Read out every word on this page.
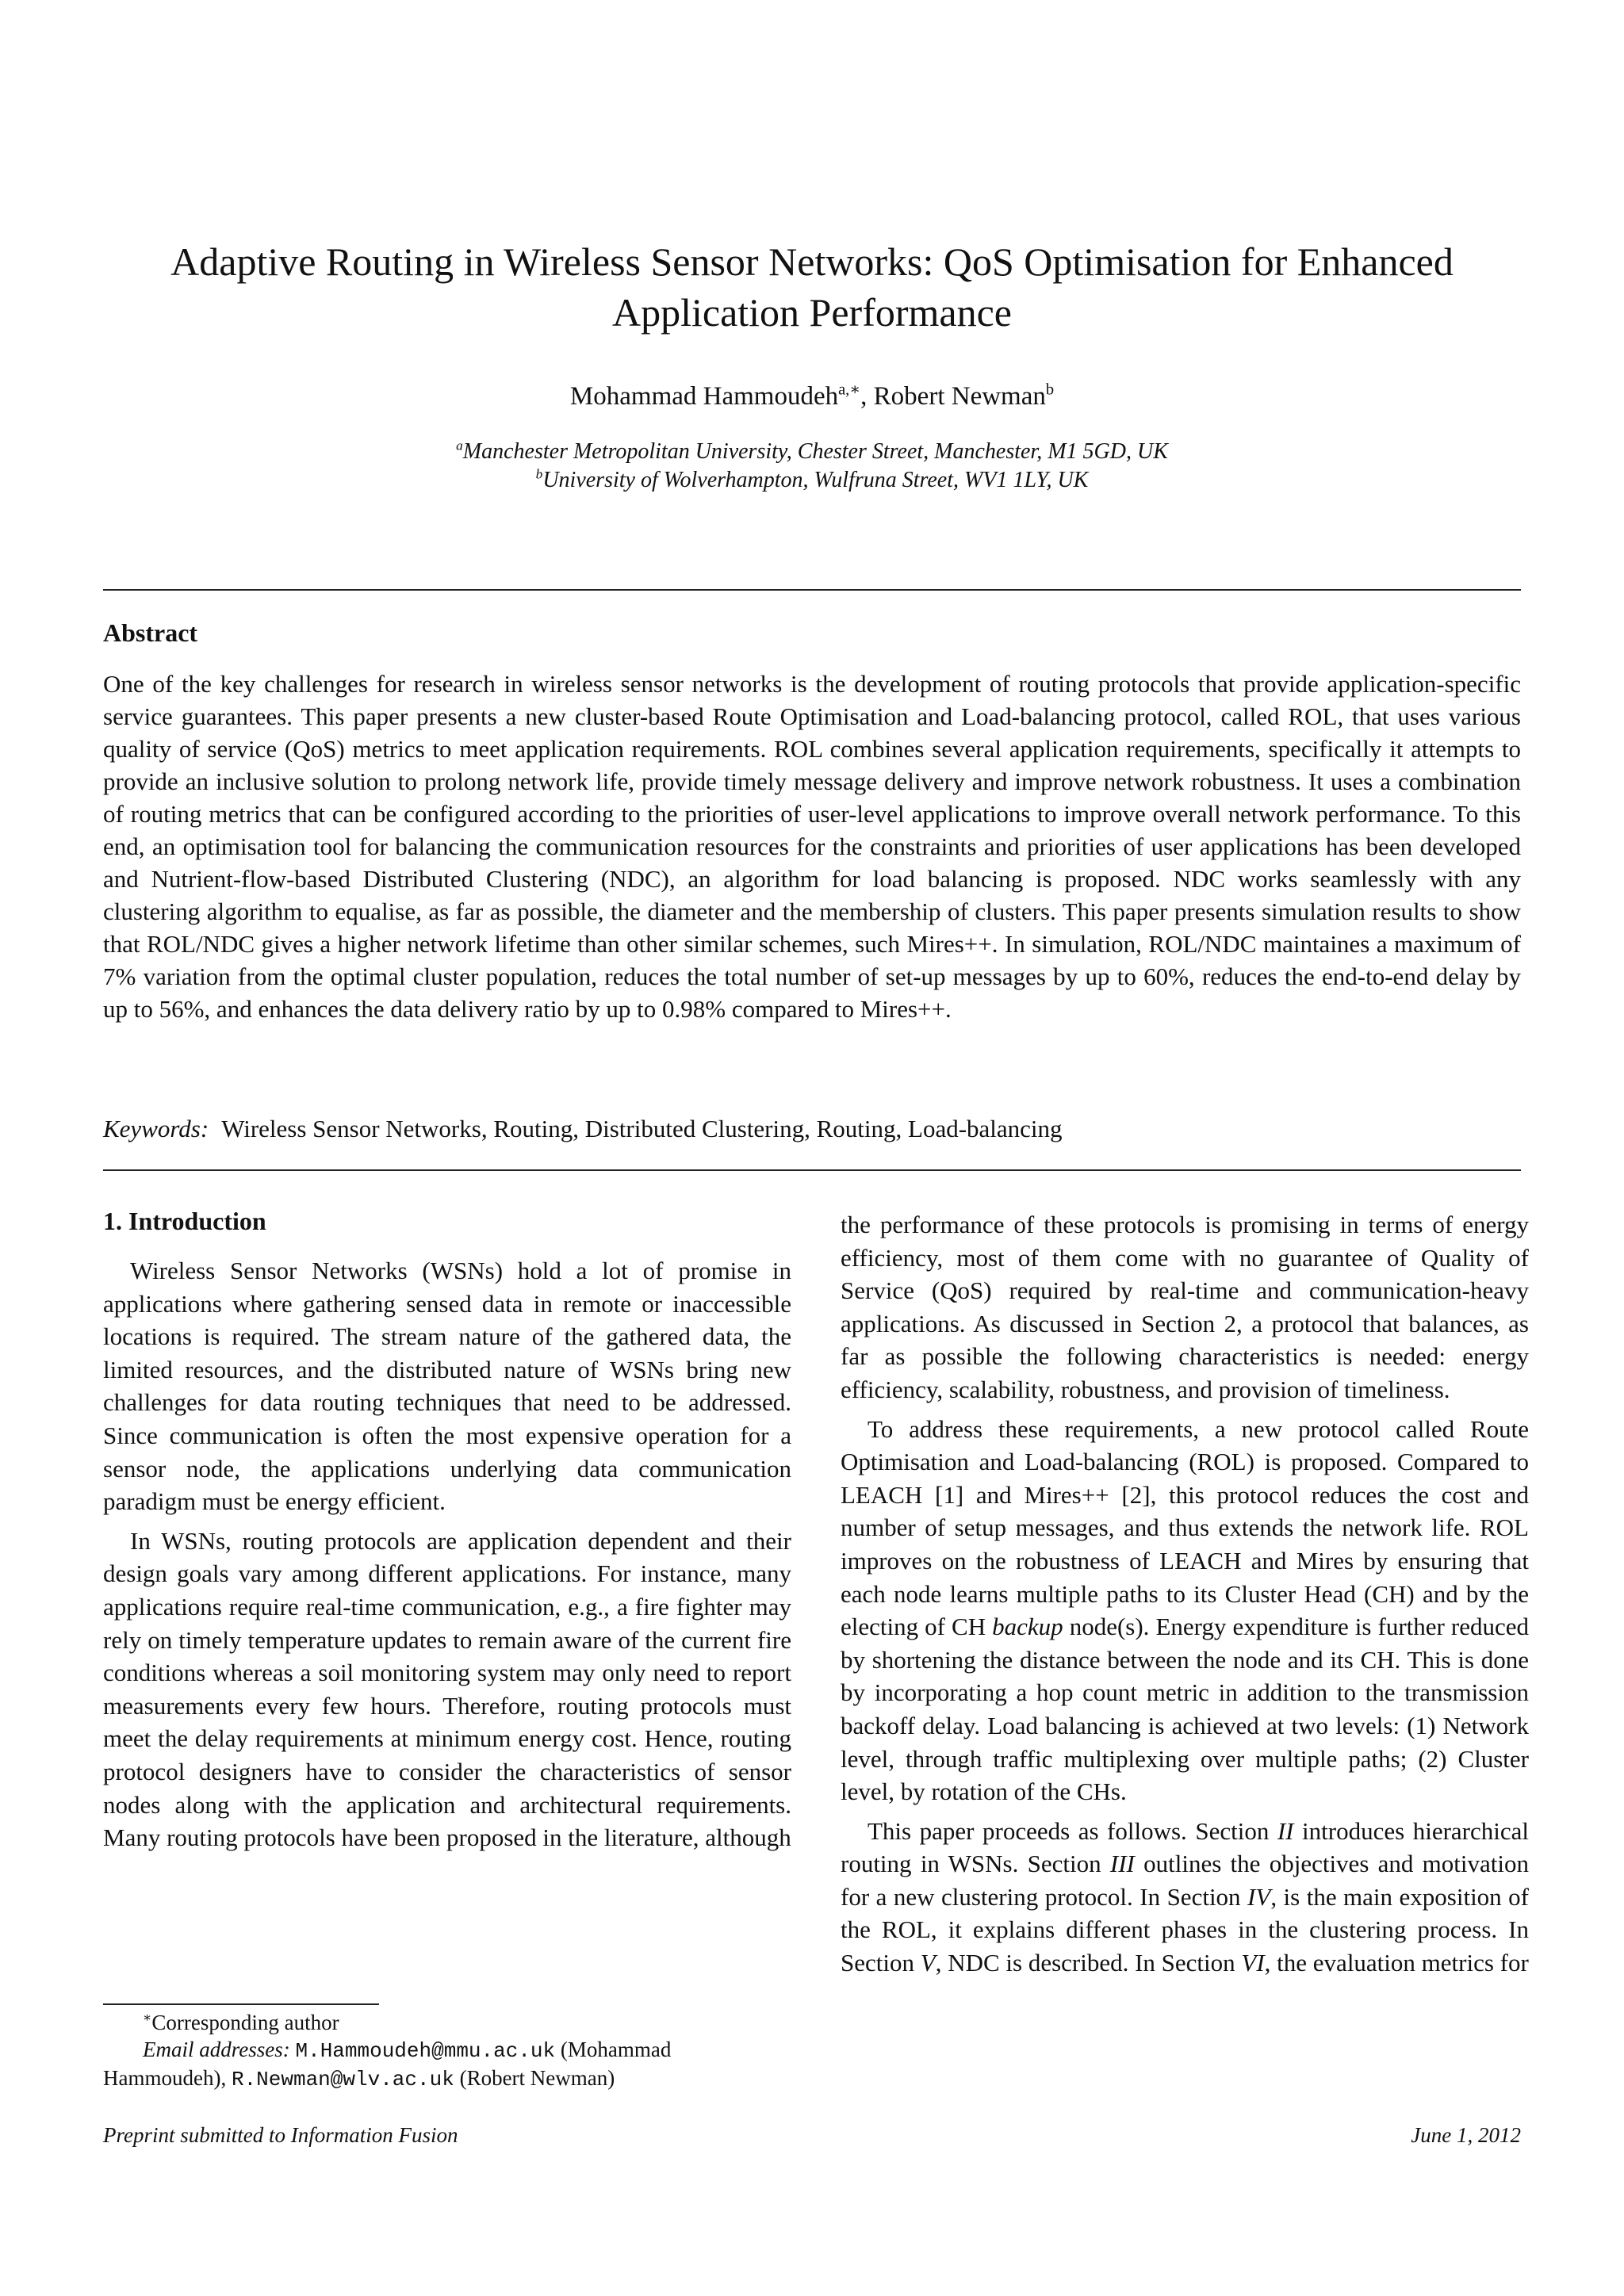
Adaptive Routing in Wireless Sensor Networks: QoS Optimisation for Enhanced Application Performance
Mohammad Hammoudeh$^{a,∗}$, Robert Newman$^b$
$^a$Manchester Metropolitan University, Chester Street, Manchester, M1 5GD, UK
$^b$University of Wolverhampton, Wulfruna Street, WV1 1LY, UK
Abstract

One of the key challenges for research in wireless sensor networks is the development of routing protocols that provide application-specific service guarantees. This paper presents a new cluster-based Route Optimisation and Load-balancing protocol, called ROL, that uses various quality of service (QoS) metrics to meet application requirements. ROL combines several application requirements, specifically it attempts to provide an inclusive solution to prolong network life, provide timely message delivery and improve network robustness. It uses a combination of routing metrics that can be configured according to the priorities of user-level applications to improve overall network performance. To this end, an optimisation tool for balancing the communication resources for the constraints and priorities of user applications has been developed and Nutrient-flow-based Distributed Clustering (NDC), an algorithm for load balancing is proposed. NDC works seamlessly with any clustering algorithm to equalise, as far as possible, the diameter and the membership of clusters. This paper presents simulation results to show that ROL/NDC gives a higher network lifetime than other similar schemes, such Mires++. In simulation, ROL/NDC maintaines a maximum of 7% variation from the optimal cluster population, reduces the total number of set-up messages by up to 60%, reduces the end-to-end delay by up to 56%, and enhances the data delivery ratio by up to 0.98% compared to Mires++.

Keywords: Wireless Sensor Networks, Routing, Distributed Clustering, Routing, Load-balancing
1. Introduction

Wireless Sensor Networks (WSNs) hold a lot of promise in applications where gathering sensed data in remote or inaccessible locations is required. The stream nature of the gathered data, the limited resources, and the distributed nature of WSNs bring new challenges for data routing techniques that need to be addressed. Since communication is often the most expensive operation for a sensor node, the applications underlying data communication paradigm must be energy efficient.

In WSNs, routing protocols are application dependent and their design goals vary among different applications. For instance, many applications require real-time communication, e.g., a fire fighter may rely on timely temperature updates to remain aware of the current fire conditions whereas a soil monitoring system may only need to report measurements every few hours. Therefore, routing protocols must meet the delay requirements at minimum energy cost. Hence, routing protocol designers have to consider the characteristics of sensor nodes along with the application and architectural requirements. Many routing protocols have been proposed in the literature, although

the performance of these protocols is promising in terms of energy efficiency, most of them come with no guarantee of Quality of Service (QoS) required by real-time and communication-heavy applications. As discussed in Section 2, a protocol that balances, as far as possible the following characteristics is needed: energy efficiency, scalability, robustness, and provision of timeliness.

To address these requirements, a new protocol called Route Optimisation and Load-balancing (ROL) is proposed. Compared to LEACH [1] and Mires++ [2], this protocol reduces the cost and number of setup messages, and thus extends the network life. ROL improves on the robustness of LEACH and Mires by ensuring that each node learns multiple paths to its Cluster Head (CH) and by the electing of CH backup node(s). Energy expenditure is further reduced by shortening the distance between the node and its CH. This is done by incorporating a hop count metric in addition to the transmission backoff delay. Load balancing is achieved at two levels: (1) Network level, through traffic multiplexing over multiple paths; (2) Cluster level, by rotation of the CHs.

This paper proceeds as follows. Section II introduces hierarchical routing in WSNs. Section III outlines the objectives and motivation for a new clustering protocol. In Section IV, is the main exposition of the ROL, it explains different phases in the clustering process. In Section V, NDC is described. In Section VI, the evaluation metrics for

∗Corresponding author
Email addresses: M.Hammoudeh@mmu.ac.uk (Mohammad
Hammoudeh), R.Newman@wlv.ac.uk (Robert Newman)
Preprint submitted to Information Fusion	June 1, 2012
